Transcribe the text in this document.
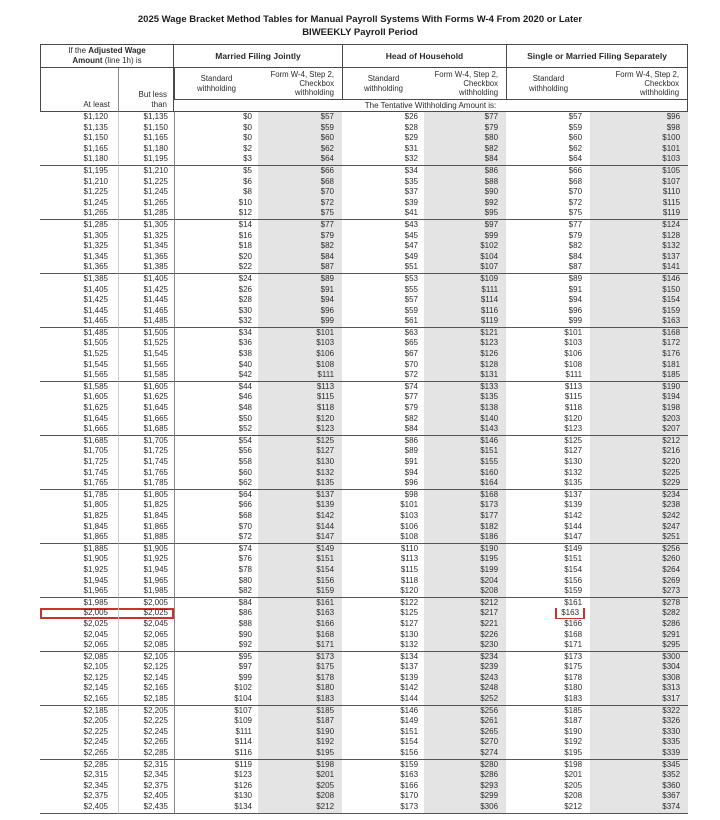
2025 Wage Bracket Method Tables for Manual Payroll Systems With Forms W-4 From 2020 or Later
BIWEEKLY Payroll Period
If the Adjusted Wage
Amount (line 1h) is		Married Filing Jointly		Head of Household		Single or Married Filing Separately	
At least	But less
than	Standard
withholding	Form W-4, Step 2,
Checkbox
withholding	Standard
withholding	Form W-4, Step 2,
Checkbox
withholding	Standard
withholding	Form W-4, Step 2,
Checkbox
withholding
		The Tentative Withholding Amount is:					
$1,120	$1,135	$0	$57	$26	$77	$57	$96
$1,135	$1,150	$0	$59	$28	$79	$59	$98
$1,150	$1,165	$0	$60	$29	$80	$60	$100
$1,165	$1,180	$2	$62	$31	$82	$62	$101
$1,180	$1,195	$3	$64	$32	$84	$64	$103
$1,195	$1,210	$5	$66	$34	$86	$66	$105
$1,210	$1,225	$6	$68	$35	$88	$68	$107
$1,225	$1,245	$8	$70	$37	$90	$70	$110
$1,245	$1,265	$10	$72	$39	$92	$72	$115
$1,265	$1,285	$12	$75	$41	$95	$75	$119
$1,285	$1,305	$14	$77	$43	$97	$77	$124
$1,305	$1,325	$16	$79	$45	$99	$79	$128
$1,325	$1,345	$18	$82	$47	$102	$82	$132
$1,345	$1,365	$20	$84	$49	$104	$84	$137
$1,365	$1,385	$22	$87	$51	$107	$87	$141
$1,385	$1,405	$24	$89	$53	$109	$89	$146
$1,405	$1,425	$26	$91	$55	$111	$91	$150
$1,425	$1,445	$28	$94	$57	$114	$94	$154
$1,445	$1,465	$30	$96	$59	$116	$96	$159
$1,465	$1,485	$32	$99	$61	$119	$99	$163
$1,485	$1,505	$34	$101	$63	$121	$101	$168
$1,505	$1,525	$36	$103	$65	$123	$103	$172
$1,525	$1,545	$38	$106	$67	$126	$106	$176
$1,545	$1,565	$40	$108	$70	$128	$108	$181
$1,565	$1,585	$42	$111	$72	$131	$111	$185
$1,585	$1,605	$44	$113	$74	$133	$113	$190
$1,605	$1,625	$46	$115	$77	$135	$115	$194
$1,625	$1,645	$48	$118	$79	$138	$118	$198
$1,645	$1,665	$50	$120	$82	$140	$120	$203
$1,665	$1,685	$52	$123	$84	$143	$123	$207
$1,685	$1,705	$54	$125	$86	$146	$125	$212
$1,705	$1,725	$56	$127	$89	$151	$127	$216
$1,725	$1,745	$58	$130	$91	$155	$130	$220
$1,745	$1,765	$60	$132	$94	$160	$132	$225
$1,765	$1,785	$62	$135	$96	$164	$135	$229
$1,785	$1,805	$64	$137	$98	$168	$137	$234
$1,805	$1,825	$66	$139	$101	$173	$139	$238
$1,825	$1,845	$68	$142	$103	$177	$142	$242
$1,845	$1,865	$70	$144	$106	$182	$144	$247
$1,865	$1,885	$72	$147	$108	$186	$147	$251
$1,885	$1,905	$74	$149	$110	$190	$149	$256
$1,905	$1,925	$76	$151	$113	$195	$151	$260
$1,925	$1,945	$78	$154	$115	$199	$154	$264
$1,945	$1,965	$80	$156	$118	$204	$156	$269
$1,965	$1,985	$82	$159	$120	$208	$159	$273
$1,985	$2,005	$84	$161	$122	$212	$161	$278
$2,005	$2,025	$86	$163	$125	$217	$163	$282
$2,025	$2,045	$88	$166	$127	$221	$166	$286
$2,045	$2,065	$90	$168	$130	$226	$168	$291
$2,065	$2,085	$92	$171	$132	$230	$171	$295
$2,085	$2,105	$95	$173	$134	$234	$173	$300
$2,105	$2,125	$97	$175	$137	$239	$175	$304
$2,125	$2,145	$99	$178	$139	$243	$178	$308
$2,145	$2,165	$102	$180	$142	$248	$180	$313
$2,165	$2,185	$104	$183	$144	$252	$183	$317
$2,185	$2,205	$107	$185	$146	$256	$185	$322
$2,205	$2,225	$109	$187	$149	$261	$187	$326
$2,225	$2,245	$111	$190	$151	$265	$190	$330
$2,245	$2,265	$114	$192	$154	$270	$192	$335
$2,265	$2,285	$116	$195	$156	$274	$195	$339
$2,285	$2,315	$119	$198	$159	$280	$198	$345
$2,315	$2,345	$123	$201	$163	$286	$201	$352
$2,345	$2,375	$126	$205	$166	$293	$205	$360
$2,375	$2,405	$130	$208	$170	$299	$208	$367
$2,405	$2,435	$134	$212	$173	$306	$212	$374
